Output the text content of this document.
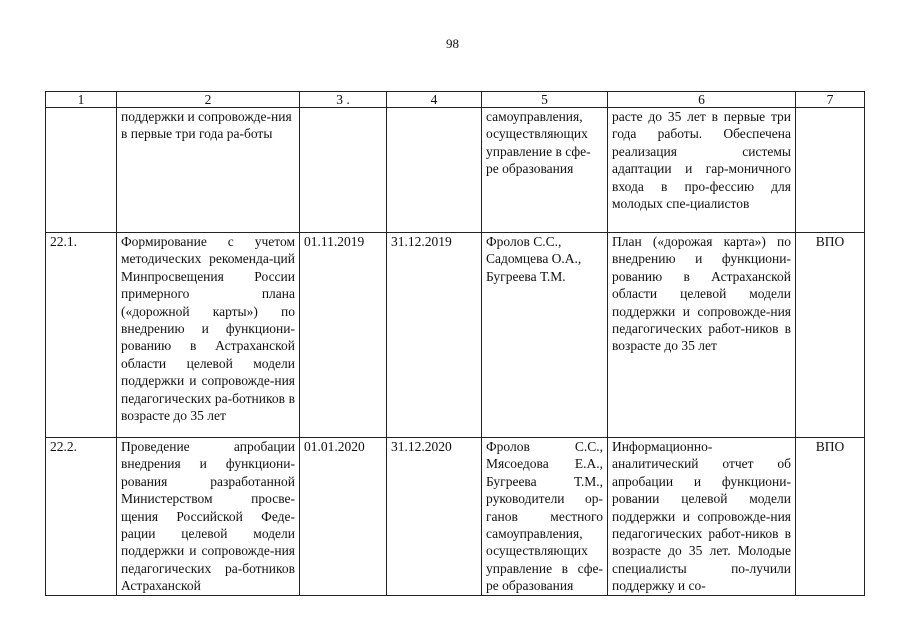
98
1	2	3 .	4	5	6	7
	поддержки и сопровожде-ния в первые три года ра-боты			самоуправления, осуществляющих управление в сфе-ре образования	расте до 35 лет в первые три года работы. Обеспечена реализация системы адаптации и гар-моничного входа в про-фессию для молодых спе-циалистов	
22.1.	Формирование с учетом методических рекоменда-ций Минпросвещения России примерного плана («дорожной карты») по внедрению и функциони-рованию в Астраханской области целевой модели поддержки и сопровожде-ния педагогических ра-ботников в возрасте до 35 лет	01.11.2019	31.12.2019	Фролов С.С., Садомцева О.А., Бугреева Т.М.	План («дорожая карта») по внедрению и функциони-рованию в Астраханской области целевой модели поддержки и сопровожде-ния педагогических работ-ников в возрасте до 35 лет	ВПО
22.2.	Проведение апробации внедрения и функциони-рования разработанной Министерством просве-щения Российской Феде-рации целевой модели поддержки и сопровожде-ния педагогических ра-ботников Астраханской	01.01.2020	31.12.2020	Фролов С.С., Мясоедова Е.А., Бугреева Т.М., руководители ор-ганов местного самоуправления, осуществляющих управление в сфе-ре образования	Информационно-аналитический отчет об апробации и функциони-ровании целевой модели поддержки и сопровожде-ния педагогических работ-ников в возрасте до 35 лет. Молодые специалисты по-лучили поддержку и со-	ВПО
